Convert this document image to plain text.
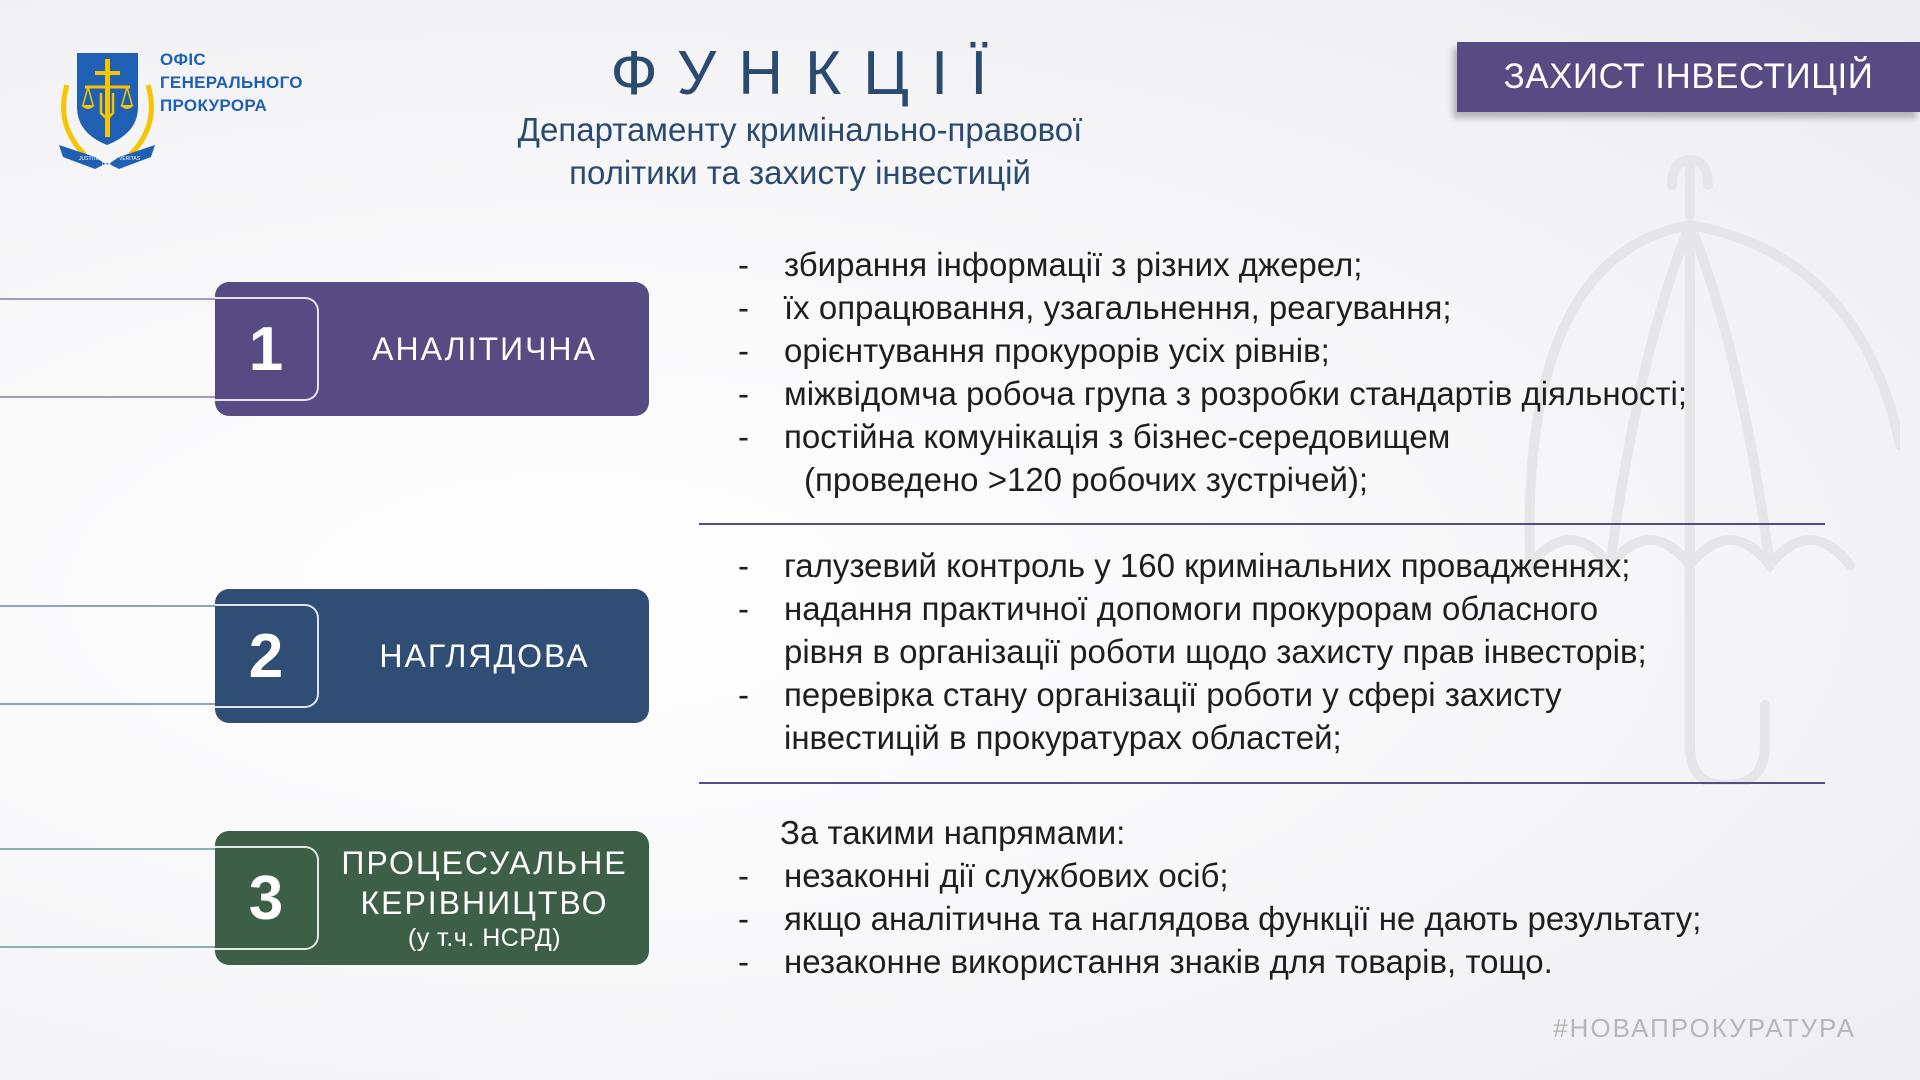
JUSTITIA
LEX
VERITAS
ОФІС
ГЕНЕРАЛЬНОГО
ПРОКУРОРА	ФУНКЦІЇ
Департаменту кримінально-правової
політики та захисту інвестицій
ЗАХИСТ ІНВЕСТИЦІЙ
1	АНАЛІТИЧНА
2	НАГЛЯДОВА
3
ПРОЦЕСУАЛЬНЕ
КЕРІВНИЦТВО
(у т.ч. НСРД)
- збирання інформації з різних джерел;
- їх опрацювання, узагальнення, реагування;
- орієнтування прокурорів усіх рівнів;
- міжвідомча робоча група з розробки стандартів діяльності;
- постійна комунікація з бізнес-середовищем
(проведено >120 робочих зустрічей);
- галузевий контроль у 160 кримінальних провадженнях;
- надання практичної допомоги прокурорам обласного
рівня в організації роботи щодо захисту прав інвесторів;
- перевірка стану організації роботи у сфері захисту
інвестицій в прокуратурах областей;
За такими напрямами:
- незаконні дії службових осіб;
- якщо аналітична та наглядова функції не дають результату;
- незаконне використання знаків для товарів, тощо.
#НОВАПРОКУРАТУРА
